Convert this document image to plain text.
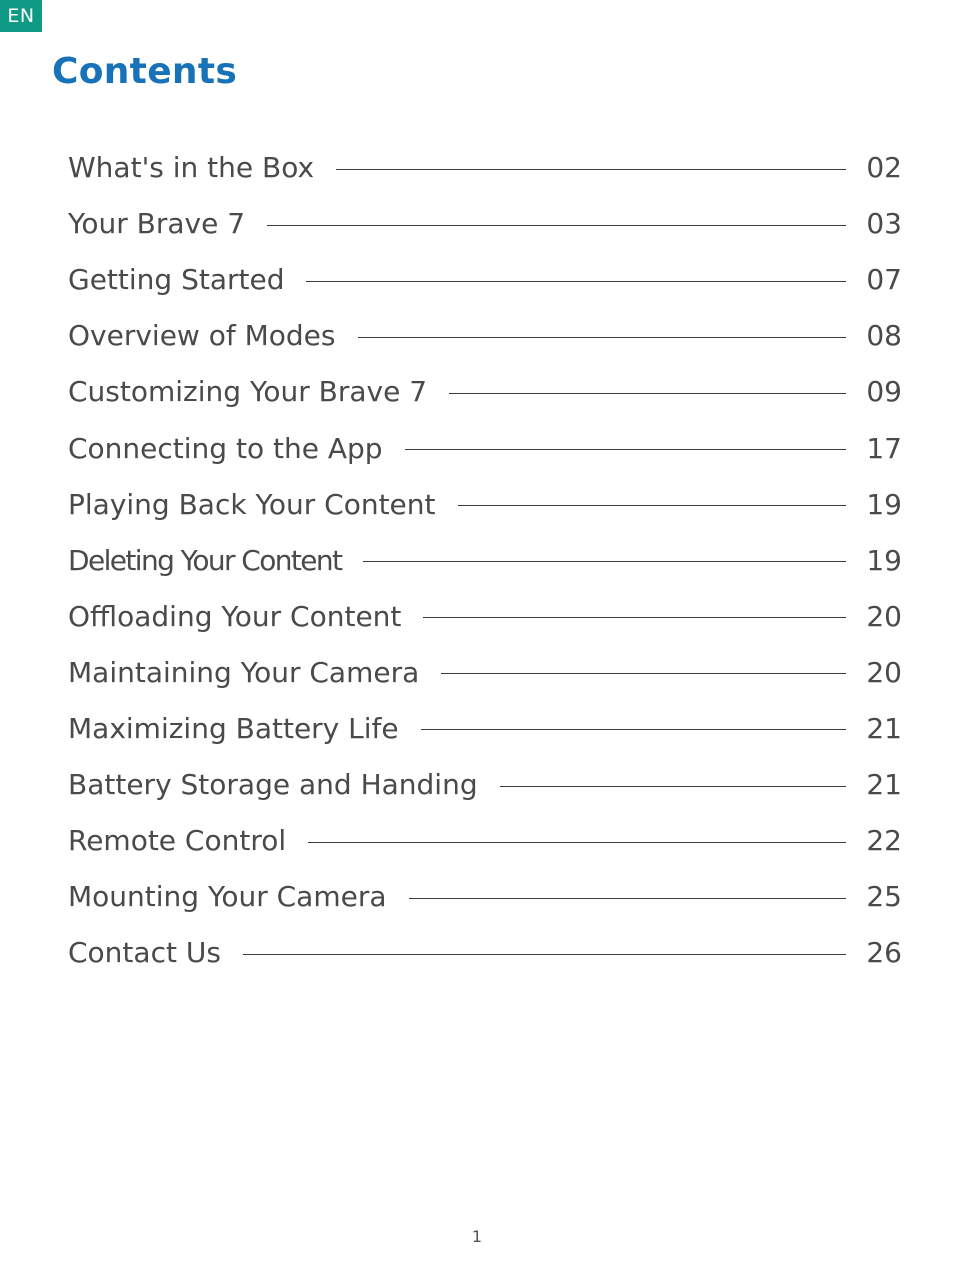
EN
Contents
What's in the Box	02
Your Brave 7	03
Getting Started	07
Overview of Modes	08
Customizing Your Brave 7	09
Connecting to the App	17
Playing Back Your Content	19
Deleting Your Content	19
Offloading Your Content	20
Maintaining Your Camera	20
Maximizing Battery Life	21
Battery Storage and Handing	21
Remote Control	22
Mounting Your Camera	25
Contact Us	26
1
